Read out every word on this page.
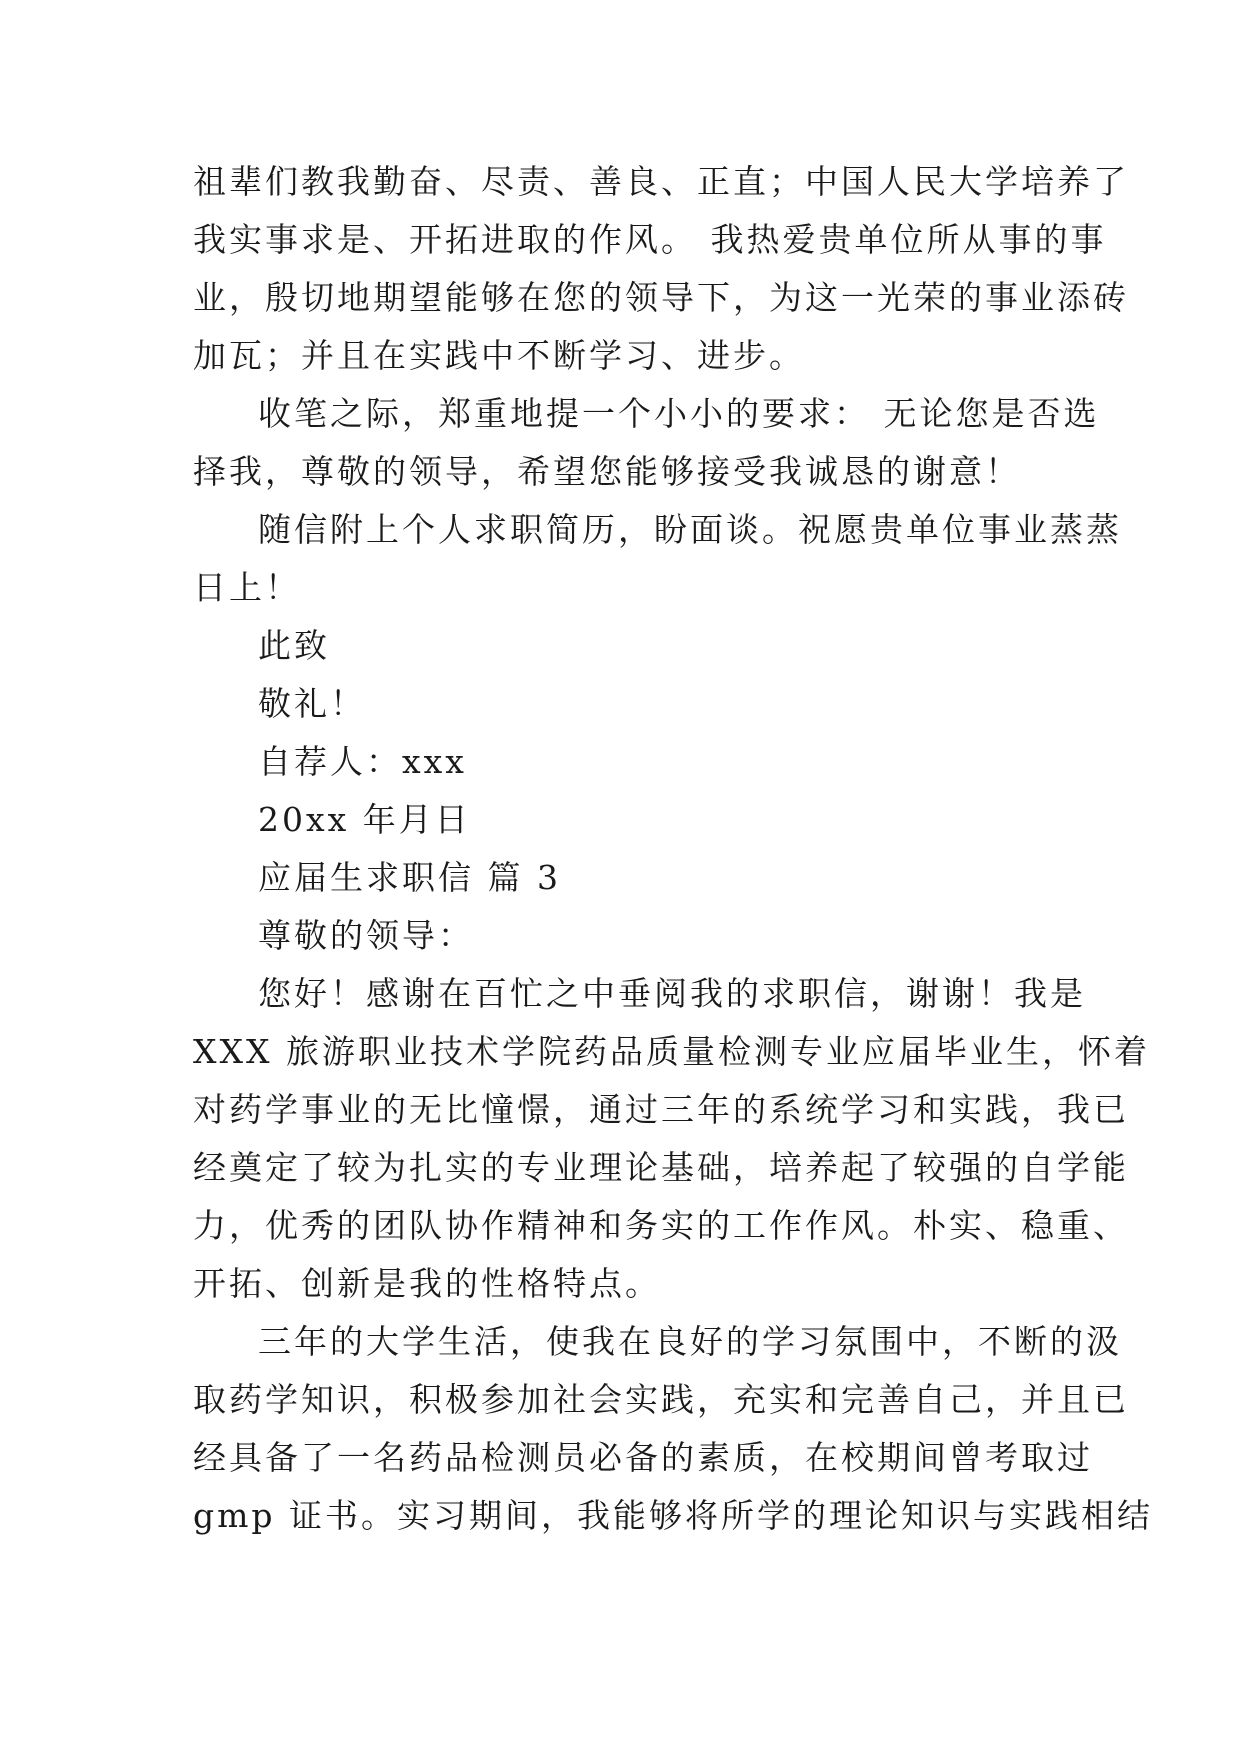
祖辈们教我勤奋、尽责、善良、正直；中国人民大学培养了
我实事求是、开拓进取的作风。 我热爱贵单位所从事的事
业，殷切地期望能够在您的领导下，为这一光荣的事业添砖
加瓦；并且在实践中不断学习、进步。
收笔之际，郑重地提一个小小的要求： 无论您是否选
择我，尊敬的领导，希望您能够接受我诚恳的谢意！
随信附上个人求职简历，盼面谈。祝愿贵单位事业蒸蒸
日上！
此致
敬礼！
自荐人：xxx
20xx 年月日
应届生求职信 篇 3
尊敬的领导：
您好！感谢在百忙之中垂阅我的求职信，谢谢！我是
XXX 旅游职业技术学院药品质量检测专业应届毕业生，怀着
对药学事业的无比憧憬，通过三年的系统学习和实践，我已
经奠定了较为扎实的专业理论基础，培养起了较强的自学能
力，优秀的团队协作精神和务实的工作作风。朴实、稳重、
开拓、创新是我的性格特点。
三年的大学生活，使我在良好的学习氛围中，不断的汲
取药学知识，积极参加社会实践，充实和完善自己，并且已
经具备了一名药品检测员必备的素质，在校期间曾考取过
gmp 证书。实习期间，我能够将所学的理论知识与实践相结
